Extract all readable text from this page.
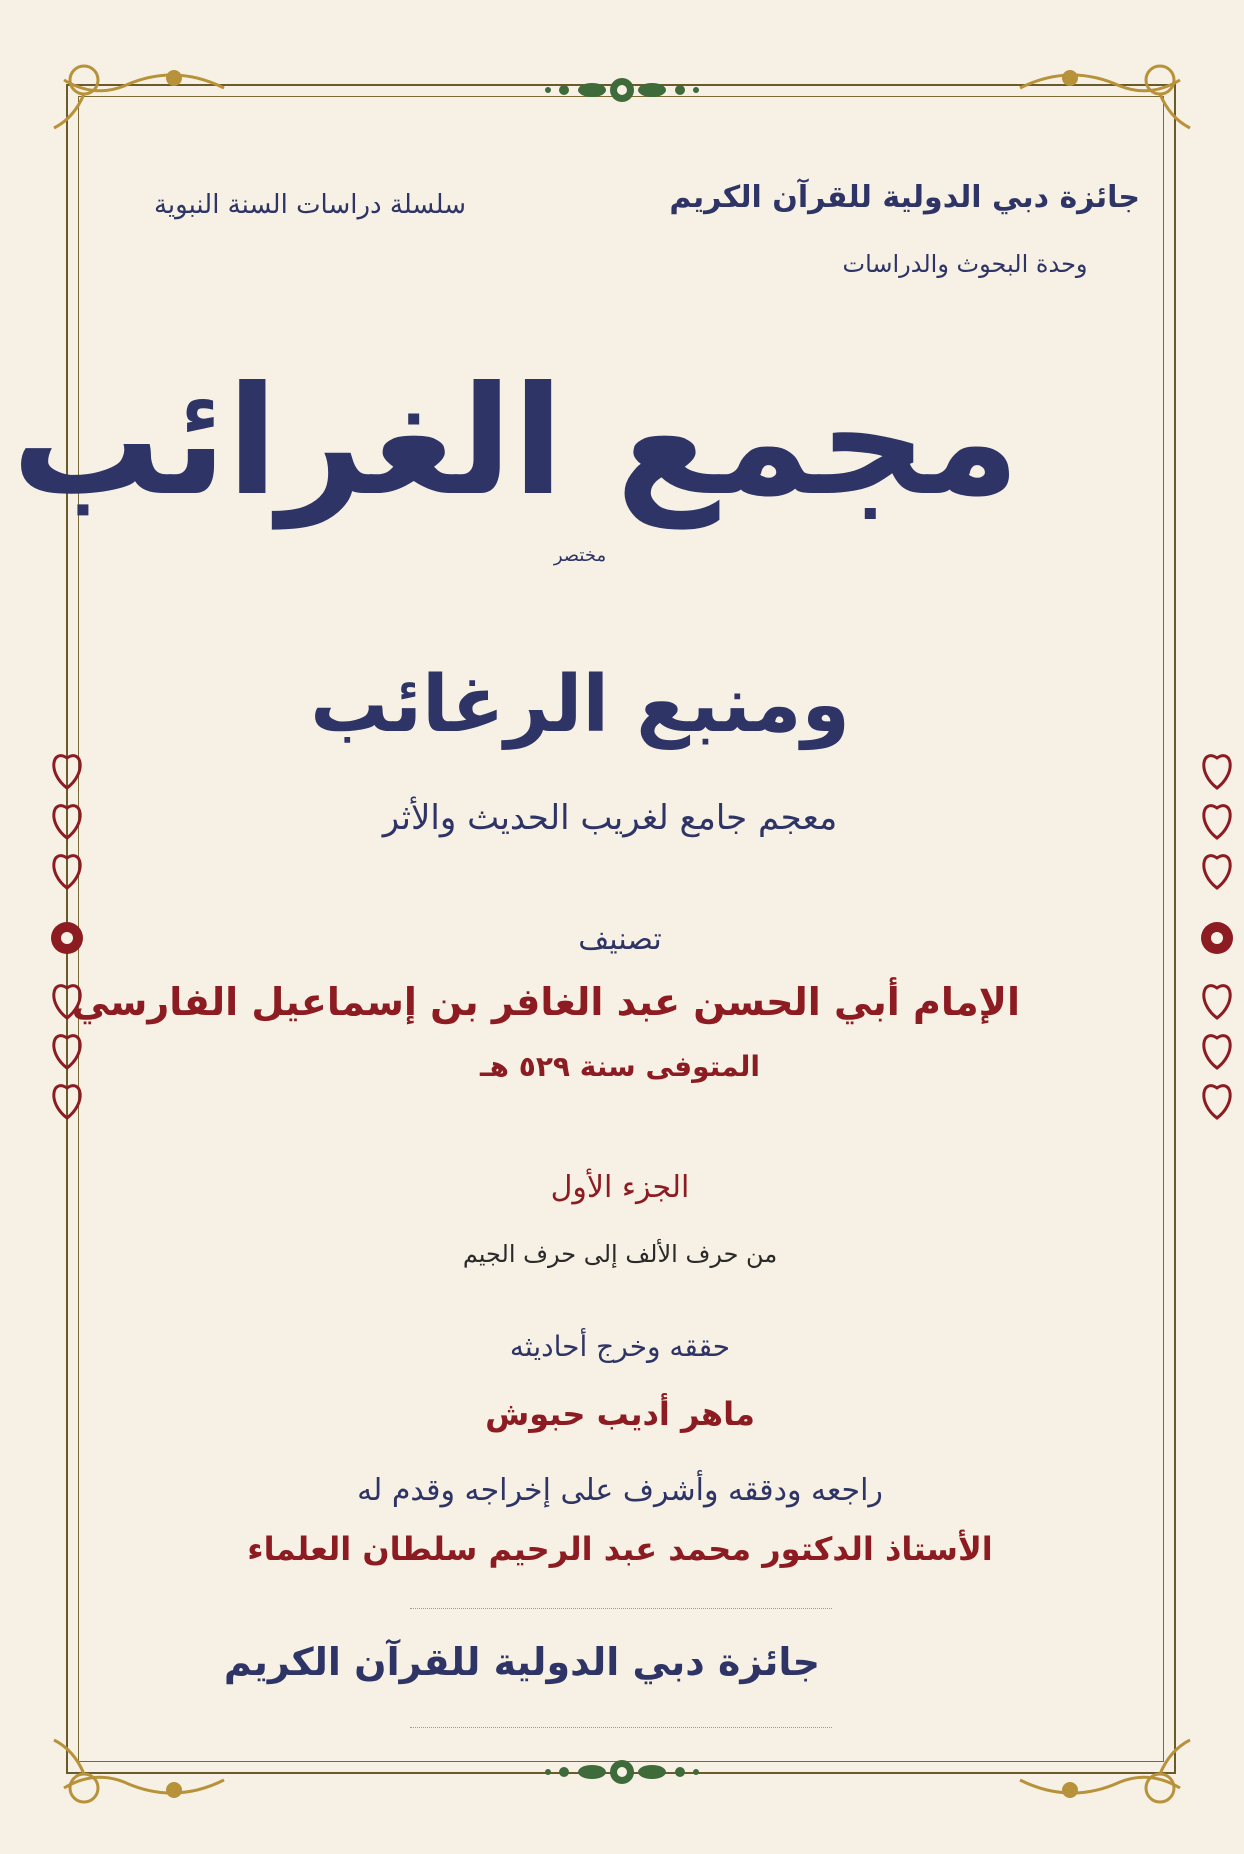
سلسلة دراسات السنة النبوية	جائزة دبي الدولية للقرآن الكريم
وحدة البحوث والدراسات
مجمع الغرائب
مختصر
ومنبع الرغائب
معجم جامع لغريب الحديث والأثر
تصنيف
الإمام أبي الحسن عبد الغافر بن إسماعيل الفارسي
المتوفى سنة ٥٢٩ هـ
الجزء الأول
من حرف الألف إلى حرف الجيم
حققه وخرج أحاديثه
ماهر أديب حبوش
راجعه ودققه وأشرف على إخراجه وقدم له
الأستاذ الدكتور محمد عبد الرحيم سلطان العلماء
جائزة دبي الدولية للقرآن الكريم
